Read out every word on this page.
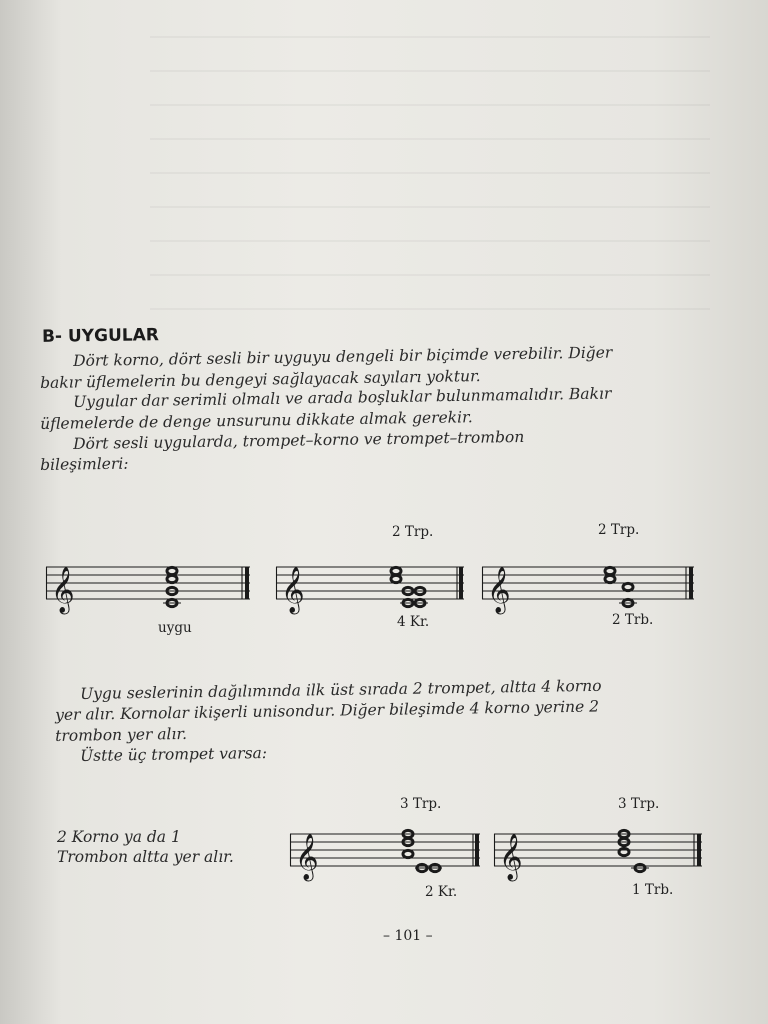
B- UYGULAR
Dört korno, dört sesli bir uyguyu dengeli bir biçimde verebilir. Diğer
bakır üflemelerin bu dengeyi sağlayacak sayıları yoktur.
Uygular dar serimli olmalı ve arada boşluklar bulunmamalıdır. Bakır
üflemelerde de denge unsurunu dikkate almak gerekir.
Dört sesli uygularda, trompet–korno ve trompet–trombon
bileşimleri:
𝄞
uygu
𝄞
2 Trp.
4 Kr.
𝄞
2 Trp.
2 Trb.
Uygu seslerinin dağılımında ilk üst sırada 2 trompet, altta 4 korno
yer alır. Kornolar ikişerli unisondur. Diğer bileşimde 4 korno yerine 2
trombon yer alır.
Üstte üç trompet varsa:
2 Korno ya da 1
Trombon altta yer alır. 𝄞
3 Trp.
2 Kr.
𝄞
3 Trp.
1 Trb.
– 101 –
